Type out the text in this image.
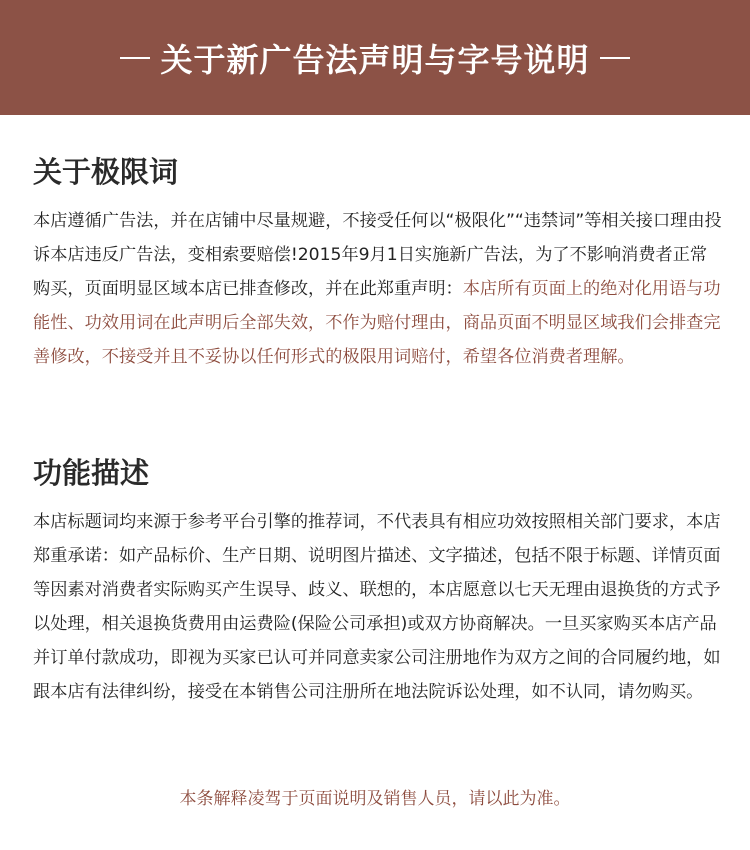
关于新广告法声明与字号说明
关于极限词

本店遵循广告法，并在店铺中尽量规避，不接受任何以“极限化”“违禁词”等相关接口理由投诉本店违反广告法，变相索要赔偿!2015年9月1日实施新广告法，为了不影响消费者正常购买，页面明显区域本店已排查修改，并在此郑重声明：本店所有页面上的绝对化用语与功能性、功效用词在此声明后全部失效，不作为赔付理由，商品页面不明显区域我们会排查完善修改，不接受并且不妥协以任何形式的极限用词赔付，希望各位消费者理解。

功能描述

本店标题词均来源于参考平台引擎的推荐词，不代表具有相应功效按照相关部门要求，本店郑重承诺：如产品标价、生产日期、说明图片描述、文字描述，包括不限于标题、详情页面等因素对消费者实际购买产生误导、歧义、联想的，本店愿意以七天无理由退换货的方式予以处理，相关退换货费用由运费险(保险公司承担)或双方协商解决。一旦买家购买本店产品并订单付款成功，即视为买家已认可并同意卖家公司注册地作为双方之间的合同履约地，如跟本店有法律纠纷，接受在本销售公司注册所在地法院诉讼处理，如不认同，请勿购买。

本条解释凌驾于页面说明及销售人员，请以此为准。
